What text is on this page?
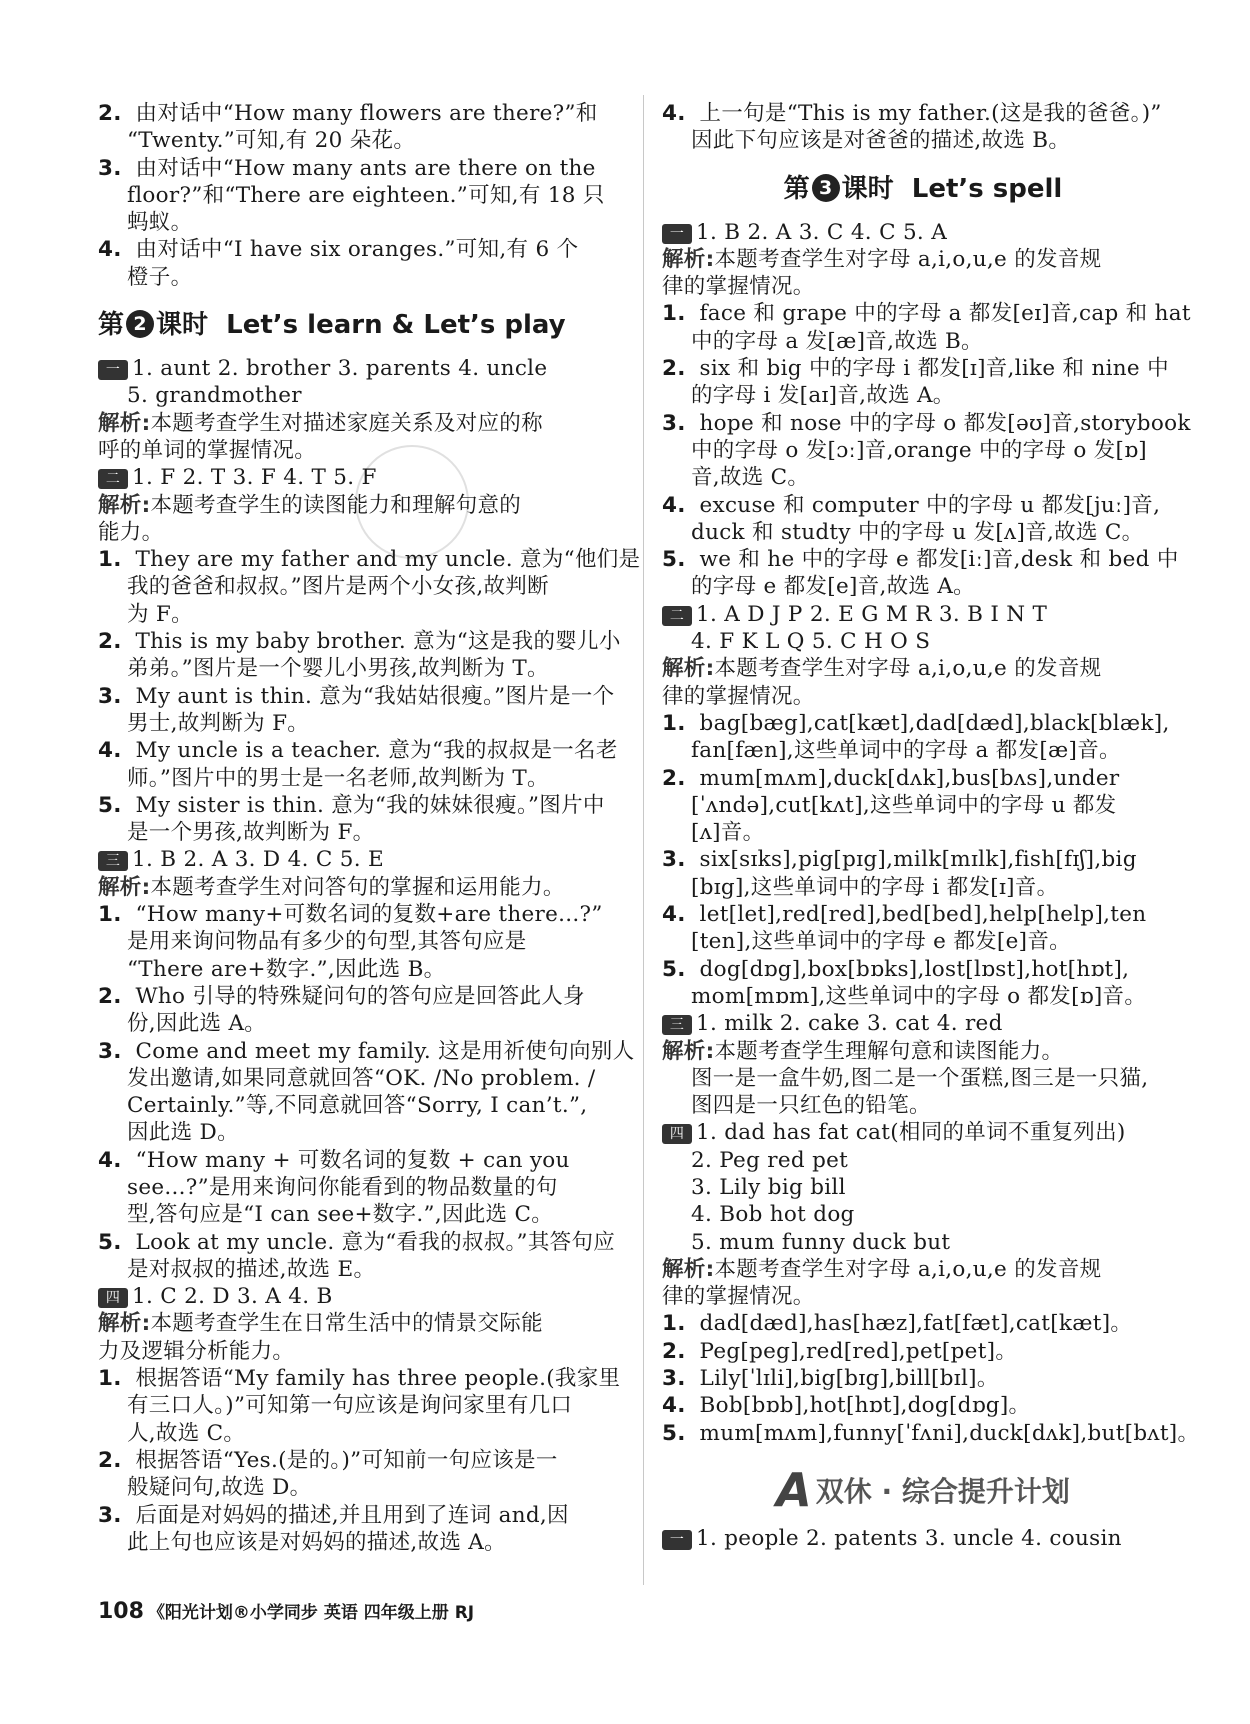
2. 由对话中“How many flowers are there?”和
“Twenty.”可知,有 20 朵花。
3. 由对话中“How many ants are there on the
floor?”和“There are eighteen.”可知,有 18 只
蚂蚁。
4. 由对话中“I have six oranges.”可知,有 6 个
橙子。
第 2 课时 Let’s learn & Let’s play
一 1. aunt 2. brother 3. parents 4. uncle
5. grandmother
解析:本题考查学生对描述家庭关系及对应的称
呼的单词的掌握情况。
二 1. F 2. T 3. F 4. T 5. F
解析:本题考查学生的读图能力和理解句意的
能力。
1. They are my father and my uncle. 意为“他们是
我的爸爸和叔叔。”图片是两个小女孩,故判断
为 F。
2. This is my baby brother. 意为“这是我的婴儿小
弟弟。”图片是一个婴儿小男孩,故判断为 T。
3. My aunt is thin. 意为“我姑姑很瘦。”图片是一个
男士,故判断为 F。
4. My uncle is a teacher. 意为“我的叔叔是一名老
师。”图片中的男士是一名老师,故判断为 T。
5. My sister is thin. 意为“我的妹妹很瘦。”图片中
是一个男孩,故判断为 F。
三 1. B 2. A 3. D 4. C 5. E
解析:本题考查学生对问答句的掌握和运用能力。
1. “How many+可数名词的复数+are there...?”
是用来询问物品有多少的句型,其答句应是
“There are+数字.”,因此选 B。
2. Who 引导的特殊疑问句的答句应是回答此人身
份,因此选 A。
3. Come and meet my family. 这是用祈使句向别人
发出邀请,如果同意就回答“OK. /No problem. /
Certainly.”等,不同意就回答“Sorry, I can’t.”,
因此选 D。
4. “How many + 可数名词的复数 + can you
see...?”是用来询问你能看到的物品数量的句
型,答句应是“I can see+数字.”,因此选 C。
5. Look at my uncle. 意为“看我的叔叔。”其答句应
是对叔叔的描述,故选 E。
四 1. C 2. D 3. A 4. B
解析:本题考查学生在日常生活中的情景交际能
力及逻辑分析能力。
1. 根据答语“My family has three people.(我家里
有三口人。)”可知第一句应该是询问家里有几口
人,故选 C。
2. 根据答语“Yes.(是的。)”可知前一句应该是一
般疑问句,故选 D。
3. 后面是对妈妈的描述,并且用到了连词 and,因
此上句也应该是对妈妈的描述,故选 A。
4. 上一句是“This is my father.(这是我的爸爸。)”
因此下句应该是对爸爸的描述,故选 B。
第 3 课时 Let’s spell
一 1. B 2. A 3. C 4. C 5. A
解析:本题考查学生对字母 a,i,o,u,e 的发音规
律的掌握情况。
1. face 和 grape 中的字母 a 都发[eɪ]音,cap 和 hat
中的字母 a 发[æ]音,故选 B。
2. six 和 big 中的字母 i 都发[ɪ]音,like 和 nine 中
的字母 i 发[aɪ]音,故选 A。
3. hope 和 nose 中的字母 o 都发[əʊ]音,storybook
中的字母 o 发[ɔː]音,orange 中的字母 o 发[ɒ]
音,故选 C。
4. excuse 和 computer 中的字母 u 都发[juː]音,
duck 和 studty 中的字母 u 发[ʌ]音,故选 C。
5. we 和 he 中的字母 e 都发[iː]音,desk 和 bed 中
的字母 e 都发[e]音,故选 A。
二 1. A D J P 2. E G M R 3. B I N T
4. F K L Q 5. C H O S
解析:本题考查学生对字母 a,i,o,u,e 的发音规
律的掌握情况。
1. bag[bæg],cat[kæt],dad[dæd],black[blæk],
fan[fæn],这些单词中的字母 a 都发[æ]音。
2. mum[mʌm],duck[dʌk],bus[bʌs],under
[ˈʌndə],cut[kʌt],这些单词中的字母 u 都发
[ʌ]音。
3. six[sɪks],pig[pɪg],milk[mɪlk],fish[fɪʃ],big
[bɪg],这些单词中的字母 i 都发[ɪ]音。
4. let[let],red[red],bed[bed],help[help],ten
[ten],这些单词中的字母 e 都发[e]音。
5. dog[dɒg],box[bɒks],lost[lɒst],hot[hɒt],
mom[mɒm],这些单词中的字母 o 都发[ɒ]音。
三 1. milk 2. cake 3. cat 4. red
解析:本题考查学生理解句意和读图能力。
图一是一盒牛奶,图二是一个蛋糕,图三是一只猫,
图四是一只红色的铅笔。
四 1. dad has fat cat(相同的单词不重复列出)
2. Peg red pet
3. Lily big bill
4. Bob hot dog
5. mum funny duck but
解析:本题考查学生对字母 a,i,o,u,e 的发音规
律的掌握情况。
1. dad[dæd],has[hæz],fat[fæt],cat[kæt]。
2. Peg[peg],red[red],pet[pet]。
3. Lily[ˈlɪli],big[bɪg],bill[bɪl]。
4. Bob[bɒb],hot[hɒt],dog[dɒg]。
5. mum[mʌm],funny[ˈfʌni],duck[dʌk],but[bʌt]。
A 双休 · 综合提升计划
一 1. people 2. patents 3. uncle 4. cousin
108 《阳光计划®小学同步 英语 四年级上册 RJ
